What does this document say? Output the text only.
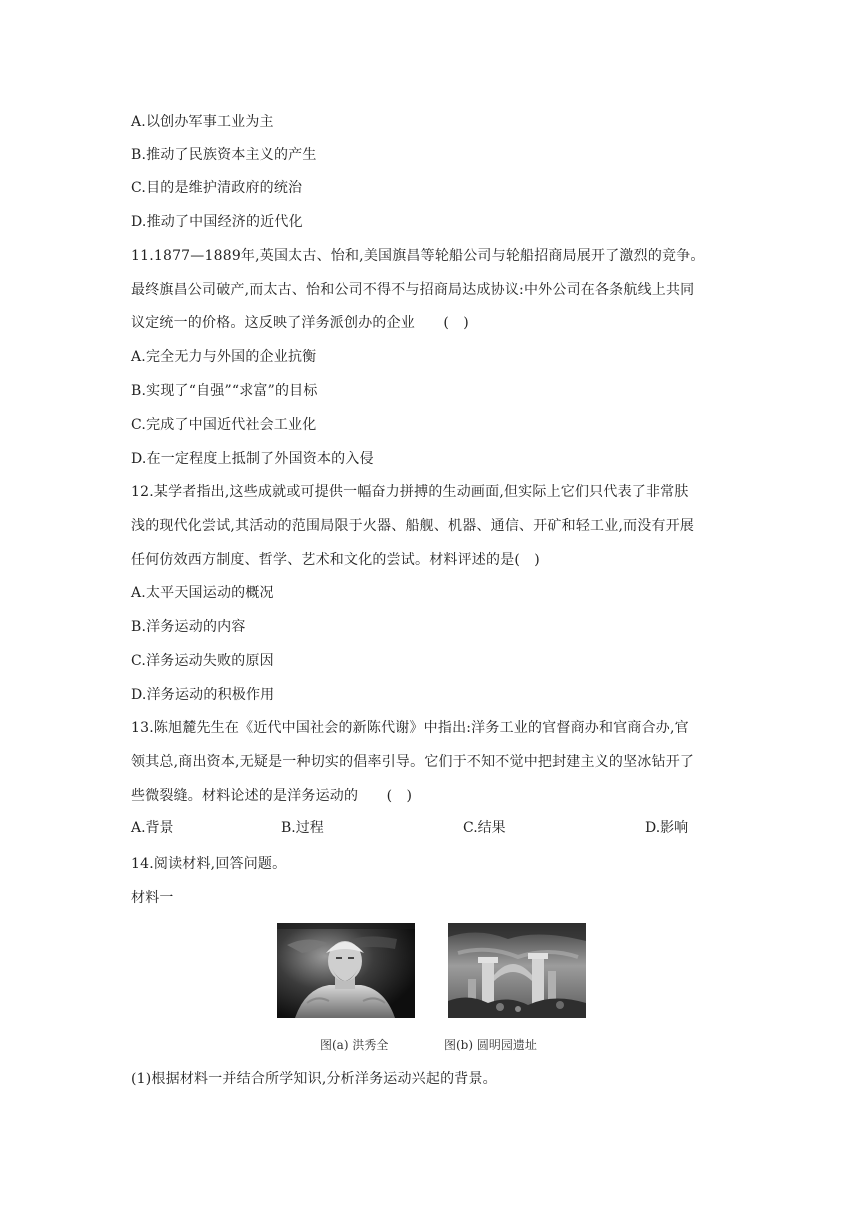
A.以创办军事工业为主
B.推动了民族资本主义的产生
C.目的是维护清政府的统治
D.推动了中国经济的近代化
11.1877—1889年,英国太古、怡和,美国旗昌等轮船公司与轮船招商局展开了激烈的竞争。
最终旗昌公司破产,而太古、怡和公司不得不与招商局达成协议:中外公司在各条航线上共同
议定统一的价格。这反映了洋务派创办的企业　　(　)
A.完全无力与外国的企业抗衡
B.实现了“自强”“求富”的目标
C.完成了中国近代社会工业化
D.在一定程度上抵制了外国资本的入侵
12.某学者指出,这些成就或可提供一幅奋力拼搏的生动画面,但实际上它们只代表了非常肤
浅的现代化尝试,其活动的范围局限于火器、船舰、机器、通信、开矿和轻工业,而没有开展
任何仿效西方制度、哲学、艺术和文化的尝试。材料评述的是(　)
A.太平天国运动的概况
B.洋务运动的内容
C.洋务运动失败的原因
D.洋务运动的积极作用
13.陈旭麓先生在《近代中国社会的新陈代谢》中指出:洋务工业的官督商办和官商合办,官
领其总,商出资本,无疑是一种切实的倡率引导。它们于不知不觉中把封建主义的坚冰钻开了
些微裂缝。材料论述的是洋务运动的　　(　)
A.背景	B.过程	C.结果	D.影响
14.阅读材料,回答问题。
材料一
图(a) 洪秀全	图(b) 圆明园遗址
(1)根据材料一并结合所学知识,分析洋务运动兴起的背景。
